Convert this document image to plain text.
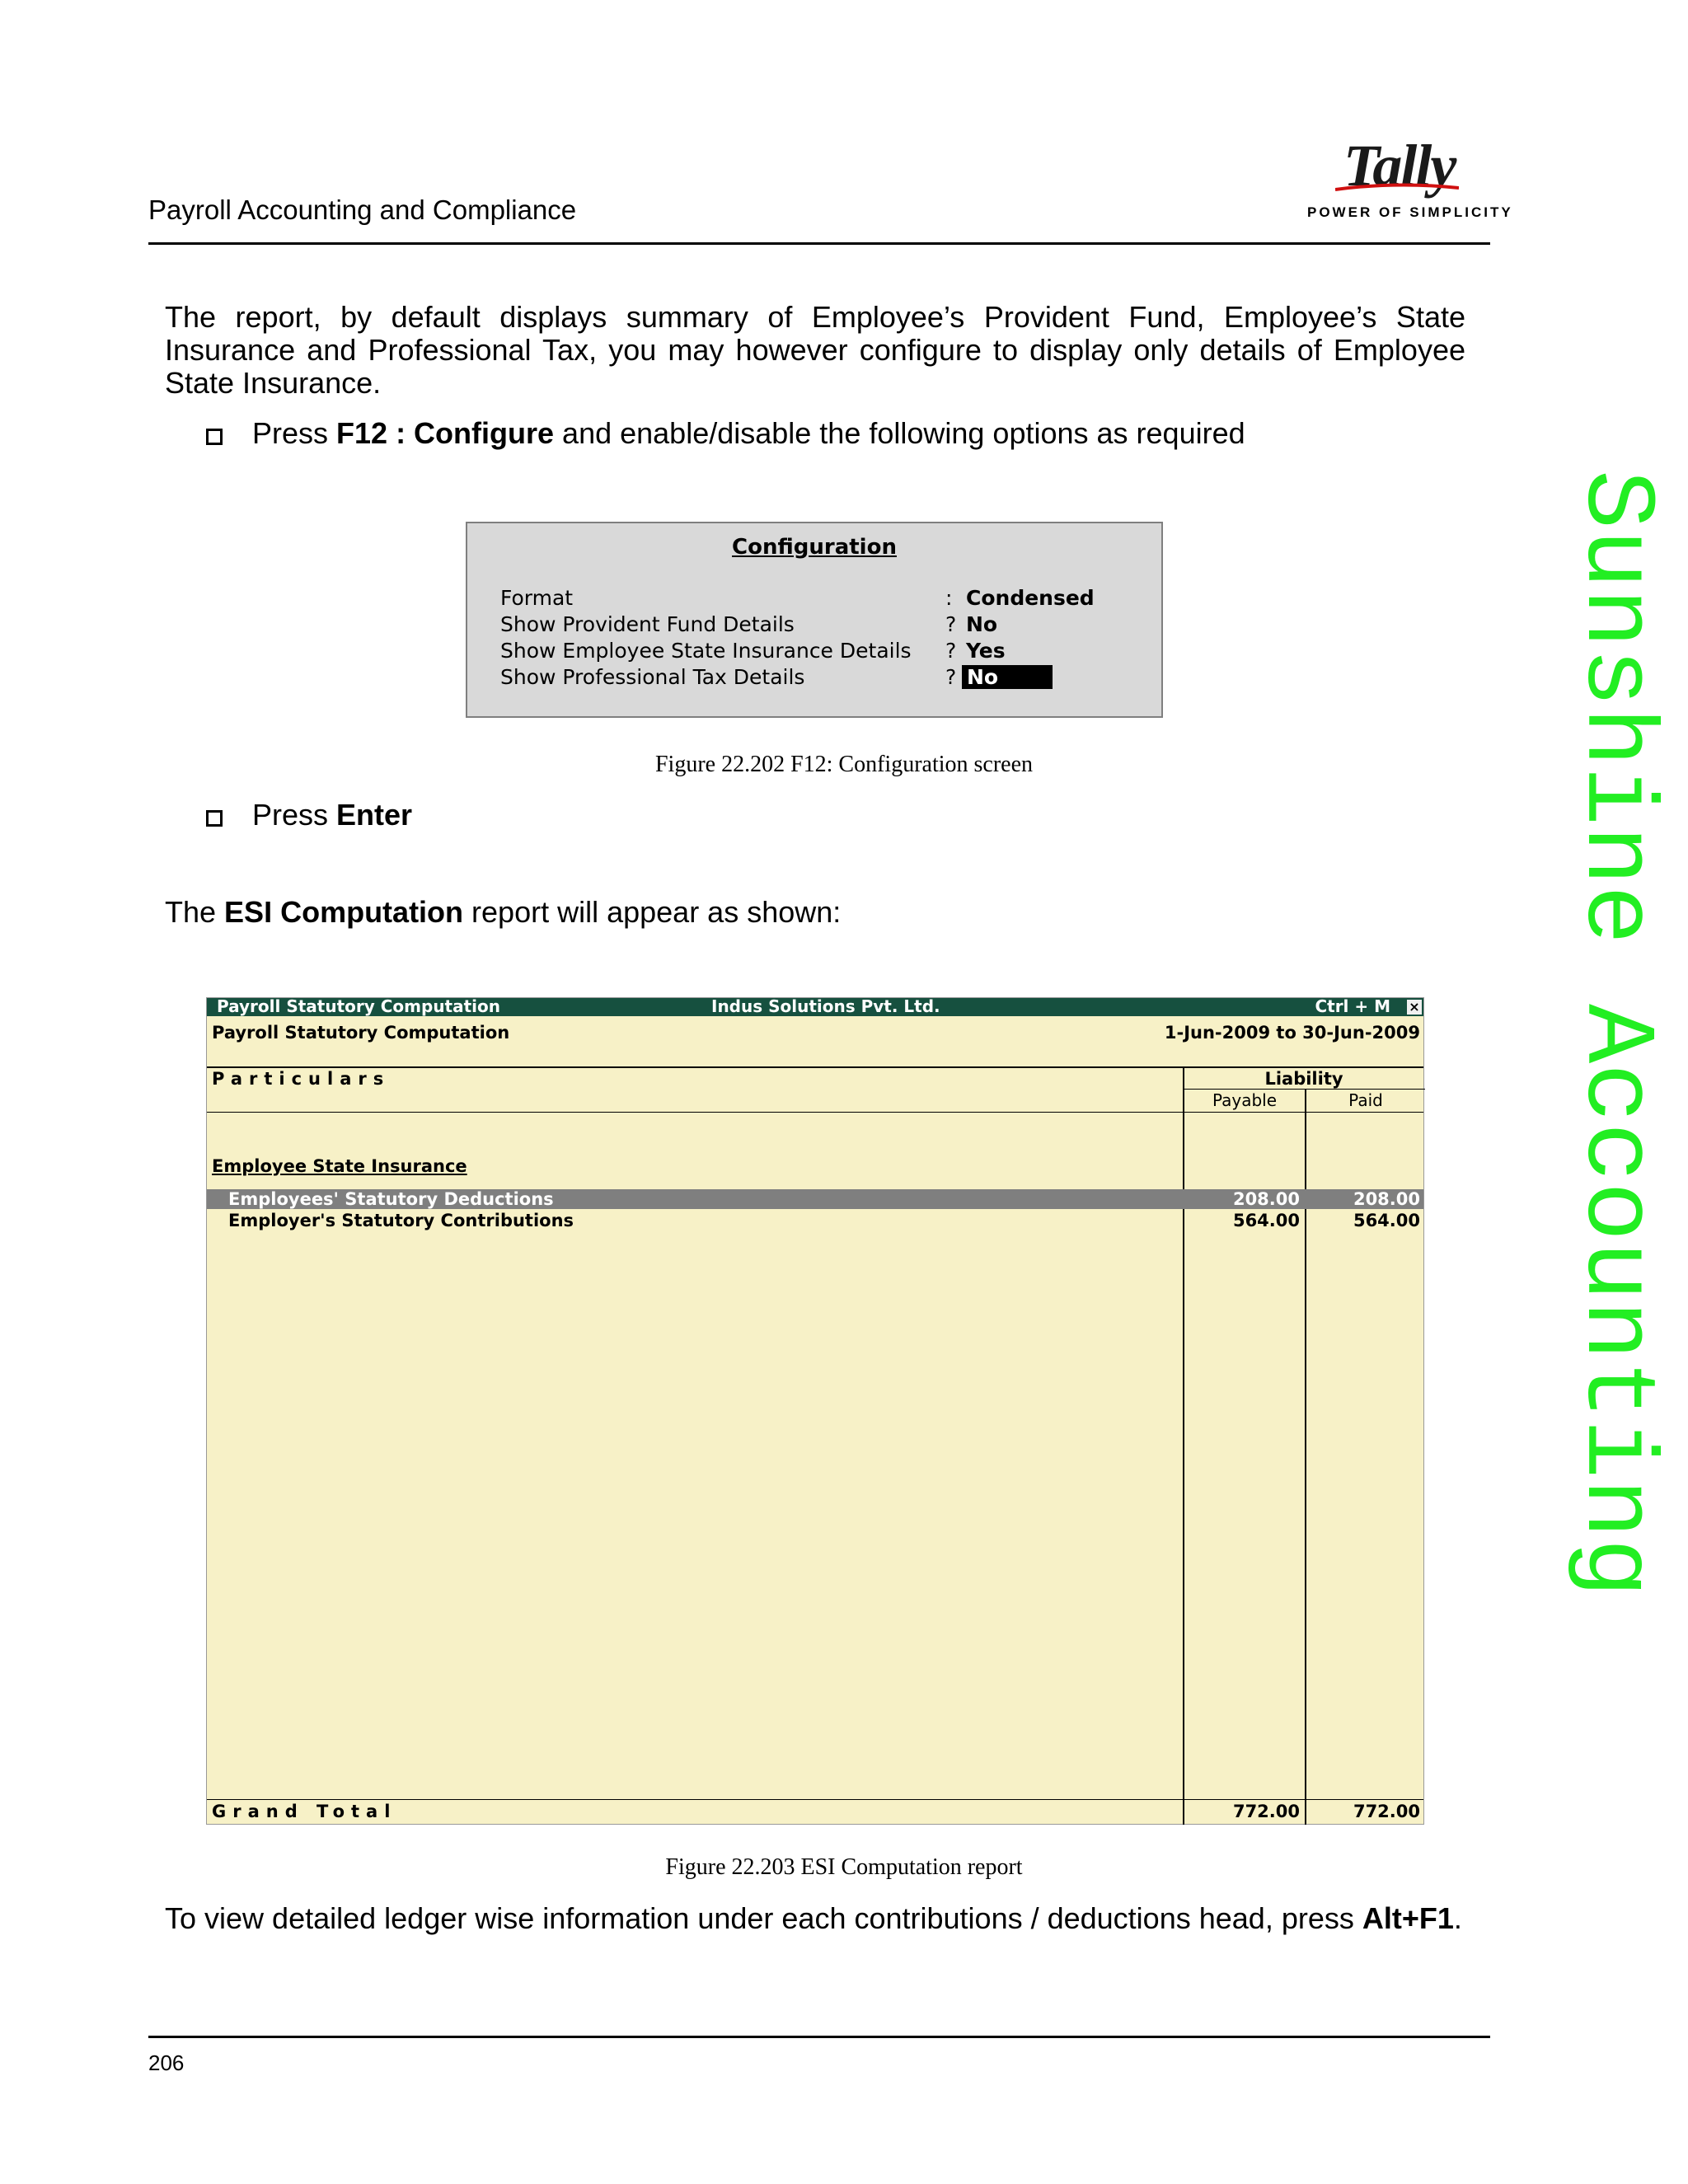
Payroll Accounting and Compliance
Tally
POWER OF SIMPLICITY
Sunshine Accounting
The report, by default displays summary of Employee’s Provident Fund, Employee’s State Insurance and Professional Tax, you may however configure to display only details of Employee State Insurance.
Press F12 : Configure and enable/disable the following options as required
Configuration
Format	: Condensed
Show Provident Fund Details	? No
Show Employee State Insurance Details ? Yes
Show Professional Tax Details	? No
Figure 22.202 F12: Configuration screen
Press Enter
The ESI Computation report will appear as shown:
Payroll Statutory Computation	Indus Solutions Pvt. Ltd.	Ctrl + M ×
Payroll Statutory Computation	1-Jun-2009 to 30-Jun-2009
Particulars	Liability
Payable	Paid
Employee State Insurance
Employees' Statutory Deductions	208.00	208.00
Employer's Statutory Contributions	564.00	564.00
Grand Total	772.00	772.00
Figure 22.203 ESI Computation report
To view detailed ledger wise information under each contributions / deductions head, press Alt+F1.
206
